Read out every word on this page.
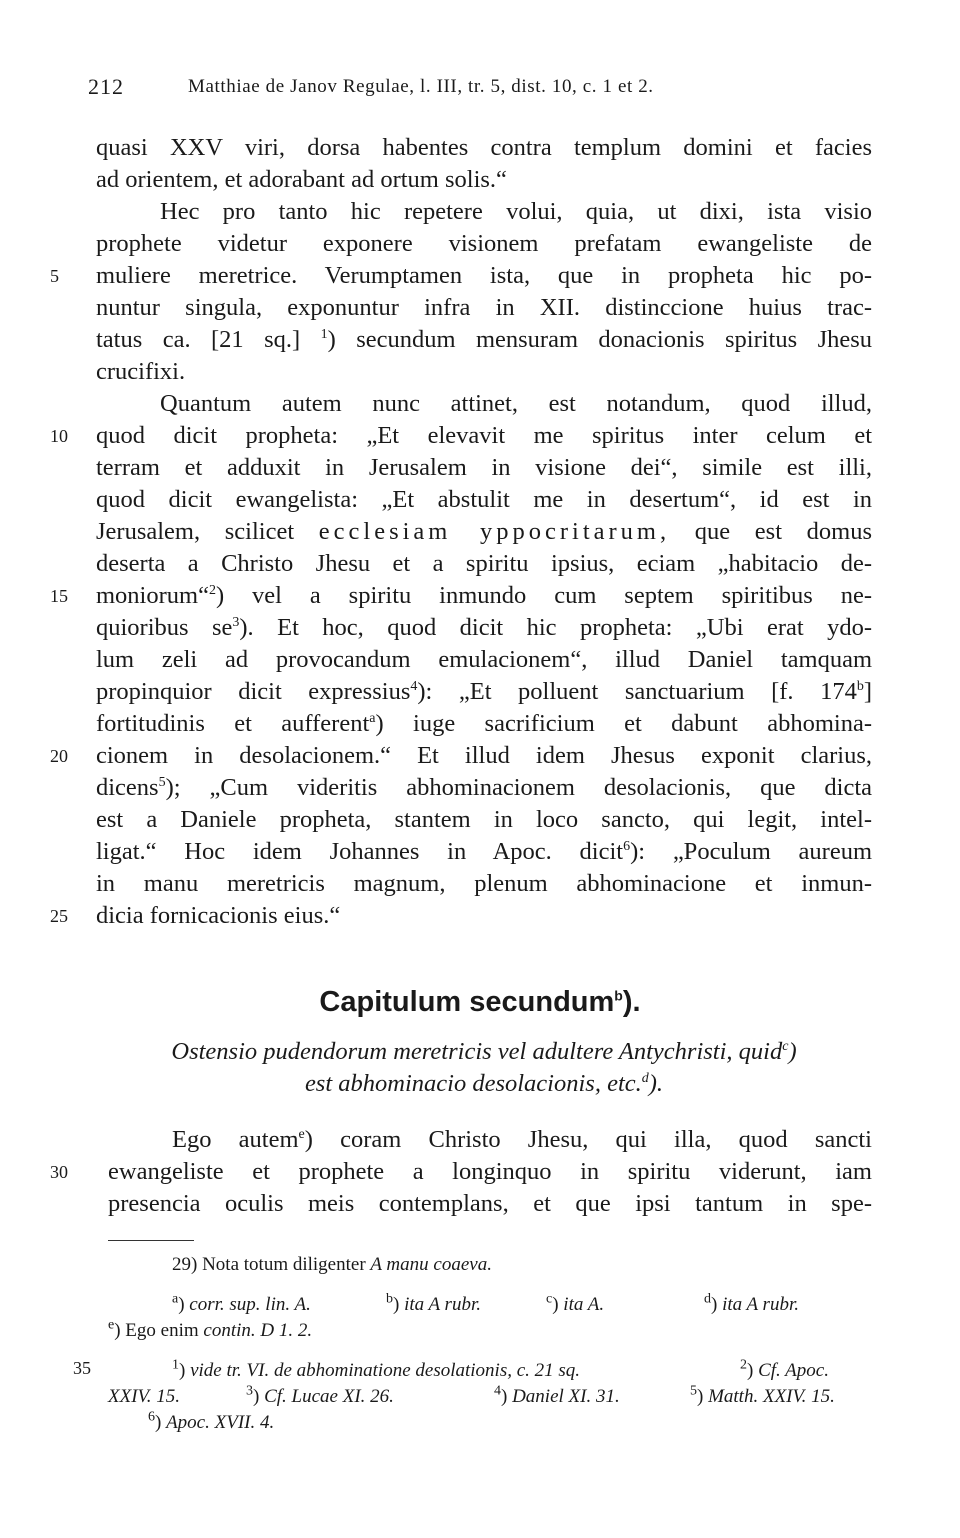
212	Matthiae de Janov Regulae, l. III, tr. 5, dist. 10, c. 1 et 2.
quasi XXV viri, dorsa habentes contra templum domini et facies
ad orientem, et adorabant ad ortum solis.“
Hec pro tanto hic repetere volui, quia, ut dixi, ista visio
prophete videtur exponere visionem prefatam ewangeliste de
5	muliere meretrice. Verumptamen ista, que in propheta hic po-
nuntur singula, exponuntur infra in XII. distinccione huius trac-
tatus ca. [21 sq.] $^1$) secundum mensuram donacionis spiritus Jhesu
crucifixi.
Quantum autem nunc attinet, est notandum, quod illud,
10	quod dicit propheta: „Et elevavit me spiritus inter celum et
terram et adduxit in Jerusalem in visione dei“, simile est illi,
quod dicit ewangelista: „Et abstulit me in desertum“, id est in
Jerusalem, scilicet ecclesiam yppocritarum, que est domus
deserta a Christo Jhesu et a spiritu ipsius, eciam „habitacio de-
15	moniorum“$^2$) vel a spiritu inmundo cum septem spiritibus ne-
quioribus $se^3$). Et hoc, quod dicit hic propheta: „Ubi erat ydo-
lum zeli ad provocandum emulacionem“, illud Daniel tamquam
propinquior dicit expressius$^4$): „Et polluent sanctuarium [f. 174$^b$]
fortitudinis et aufferent$^a$) iuge sacrificium et dabunt abhomina-
20	cionem in desolacionem.“ Et illud idem Jhesus exponit clarius,
dicens$^5$); „Cum videritis abhominacionem desolacionis, que dicta
est a Daniele propheta, stantem in loco sancto, qui legit, intel-
ligat.“ Hoc idem Johannes in Apoc. dicit$^6$): „Poculum aureum
in manu meretricis magnum, plenum abhominacione et inmun-
25	dicia fornicacionis eius.“
Capitulum secundum$^b$).
Ostensio pudendorum meretricis vel adultere Antychristi, quid$^c$)
est abhominacio desolacionis, etc.$^d$).
Ego autem$^e$) coram Christo Jhesu, qui illa, quod sancti
30	ewangeliste et prophete a longinquo in spiritu viderunt, iam
presencia oculis meis contemplans, et que ipsi tantum in spe-
29) Nota totum diligenter A manu coaeva.
$^a$) corr. sup. lin. A.	$^b$) ita A rubr.	$^c$) ita A.	$^d$) ita A rubr.
$^e$) Ego enim contin. D 1. 2.
35	$^1$) vide tr. VI. de abhominatione desolationis, c. 21 sq.	$^2$) Cf. Apoc.
XXIV. 15.	$^3$) Cf. Lucae XI. 26.	$^4$) Daniel XI. 31.	$^5$) Matth. XXIV. 15.
$^6$) Apoc. XVII. 4.
